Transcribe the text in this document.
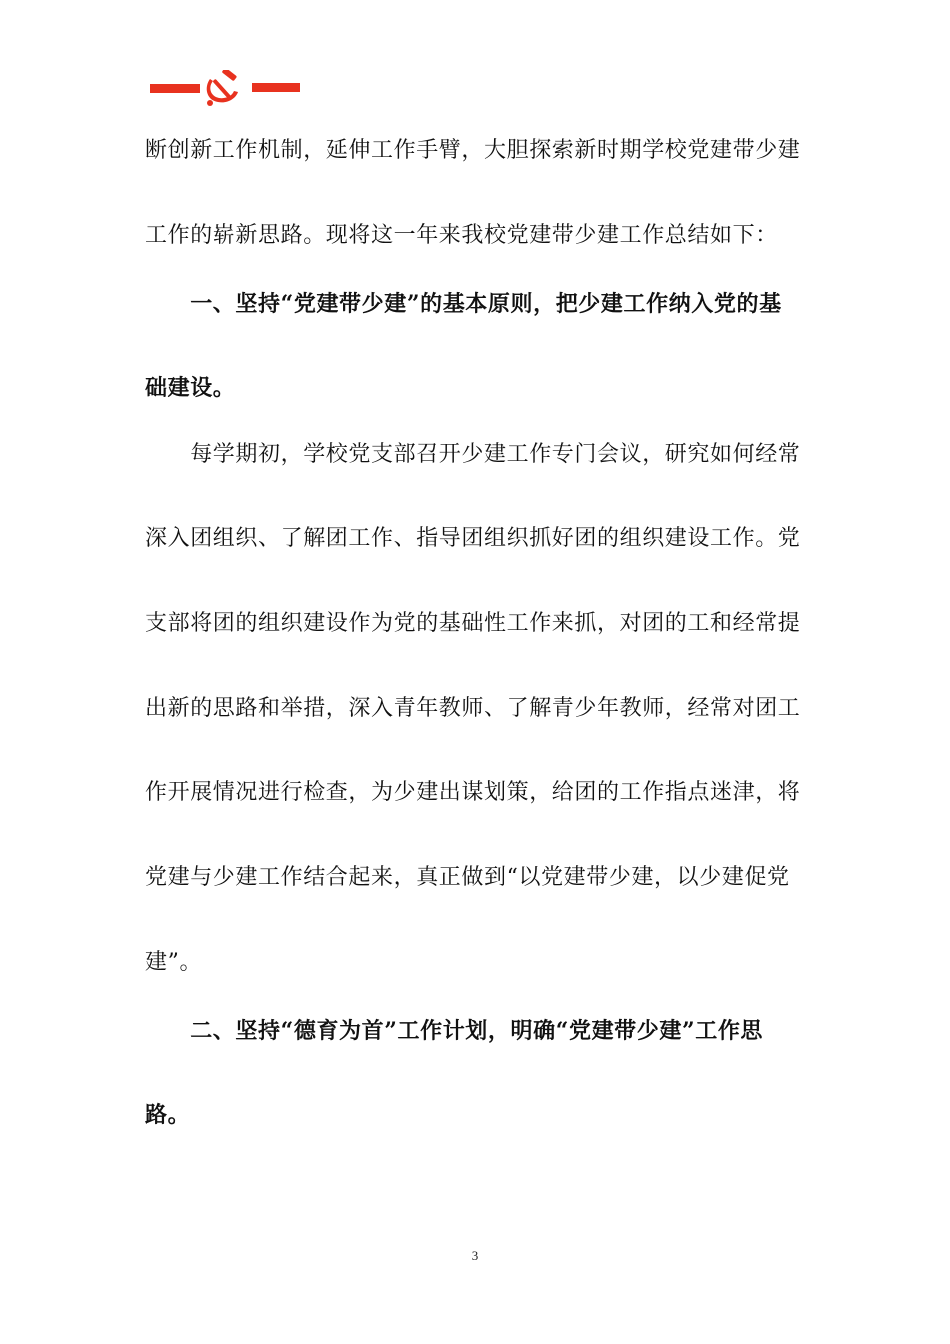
断创新工作机制，延伸工作手臂，大胆探索新时期学校党建带少建

工作的崭新思路。现将这一年来我校党建带少建工作总结如下：

　　一、坚持“党建带少建”的基本原则，把少建工作纳入党的基

础建设。

　　每学期初，学校党支部召开少建工作专门会议，研究如何经常

深入团组织、了解团工作、指导团组织抓好团的组织建设工作。党

支部将团的组织建设作为党的基础性工作来抓，对团的工和经常提

出新的思路和举措，深入青年教师、了解青少年教师，经常对团工

作开展情况进行检查，为少建出谋划策，给团的工作指点迷津，将

党建与少建工作结合起来，真正做到“以党建带少建，以少建促党

建”。

　　二、坚持“德育为首”工作计划，明确“党建带少建”工作思

路。

3
